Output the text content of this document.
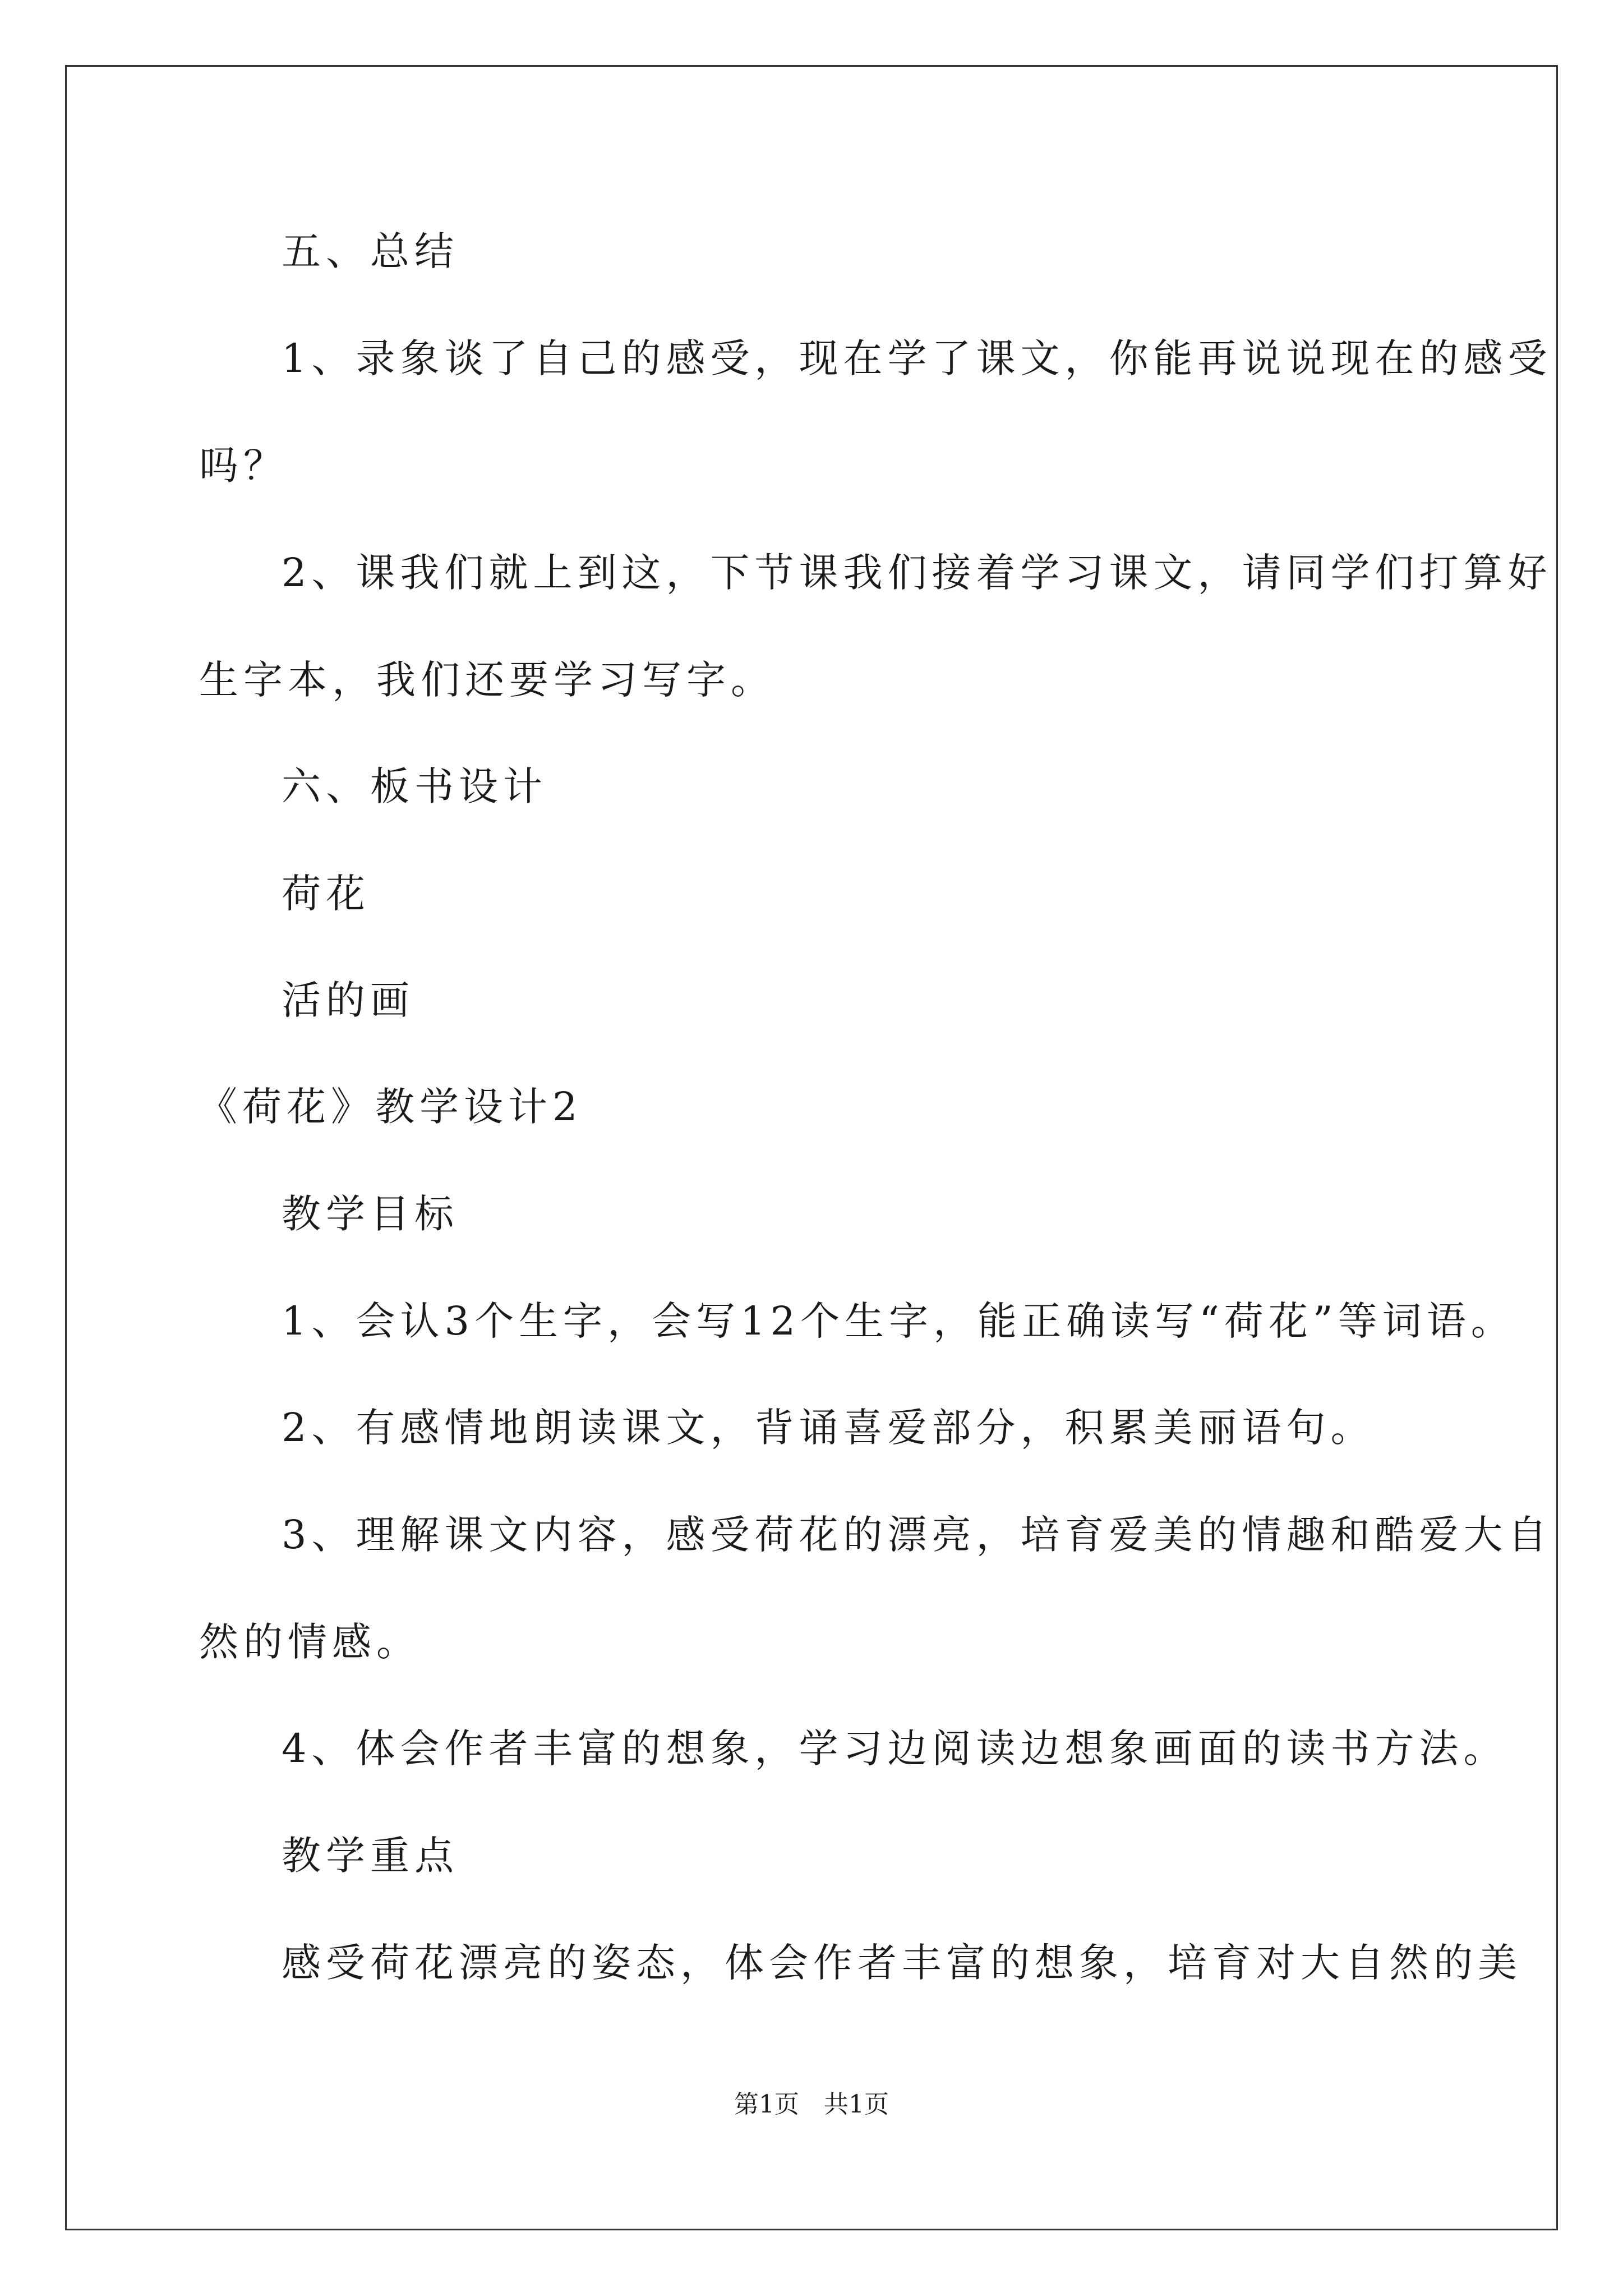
五、总结
1、录象谈了自己的感受，现在学了课文，你能再说说现在的感受
吗？
2、课我们就上到这，下节课我们接着学习课文，请同学们打算好
生字本，我们还要学习写字。
六、板书设计
荷花
活的画
《荷花》教学设计2
教学目标
1、会认3个生字，会写12个生字，能正确读写“荷花”等词语。
2、有感情地朗读课文，背诵喜爱部分，积累美丽语句。
3、理解课文内容，感受荷花的漂亮，培育爱美的情趣和酷爱大自
然的情感。
4、体会作者丰富的想象，学习边阅读边想象画面的读书方法。
教学重点
感受荷花漂亮的姿态，体会作者丰富的想象，培育对大自然的美
第1页　共1页
